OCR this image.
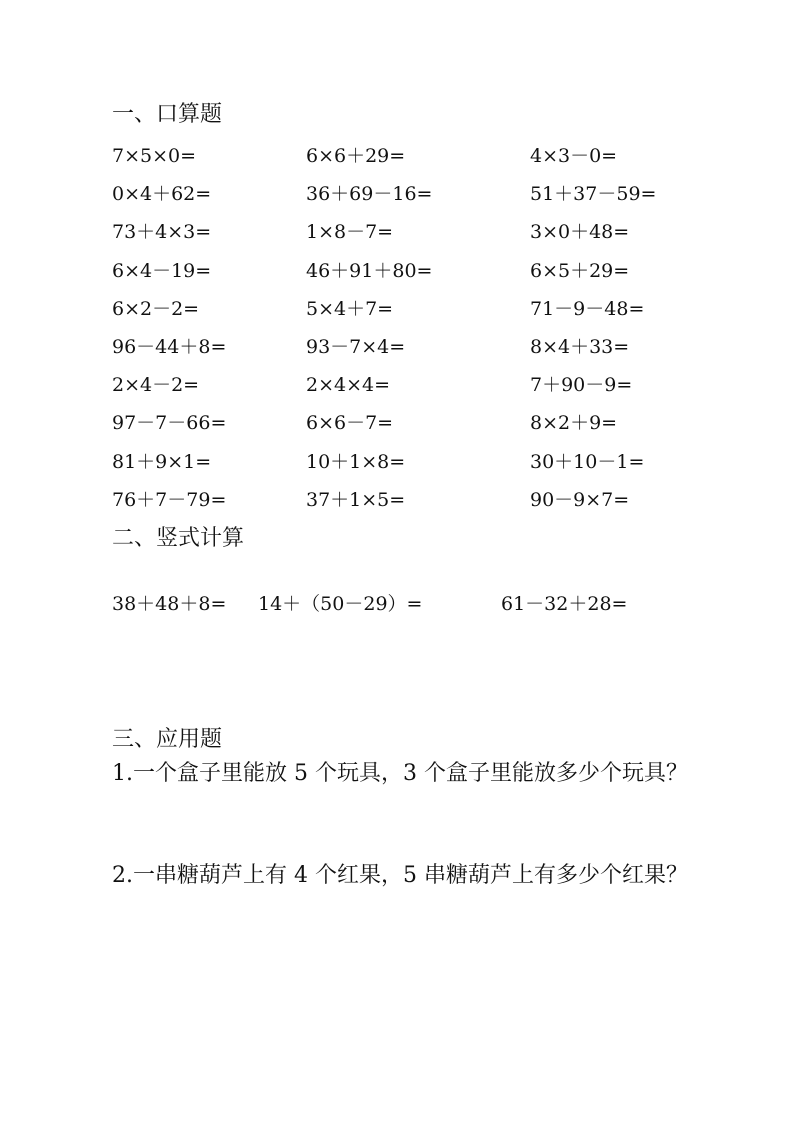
一、口算题
7×5×0=	6×6＋29=	4×3－0=
0×4＋62=	36＋69－16=	51＋37－59=
73＋4×3=	1×8－7=	3×0＋48=
6×4－19=	46＋91＋80=	6×5＋29=
6×2－2=	5×4＋7=	71－9－48=
96－44＋8=	93－7×4=	8×4＋33=
2×4－2=	2×4×4=	7＋90－9=
97－7－66=	6×6－7=	8×2＋9=
81＋9×1=	10＋1×8=	30＋10－1=
76＋7－79=	37＋1×5=	90－9×7=
二、竖式计算
38＋48＋8= 14＋（50－29）=	61－32＋28=
三、应用题
1.一个盒子里能放 5 个玩具，3 个盒子里能放多少个玩具？
2.一串糖葫芦上有 4 个红果，5 串糖葫芦上有多少个红果？
